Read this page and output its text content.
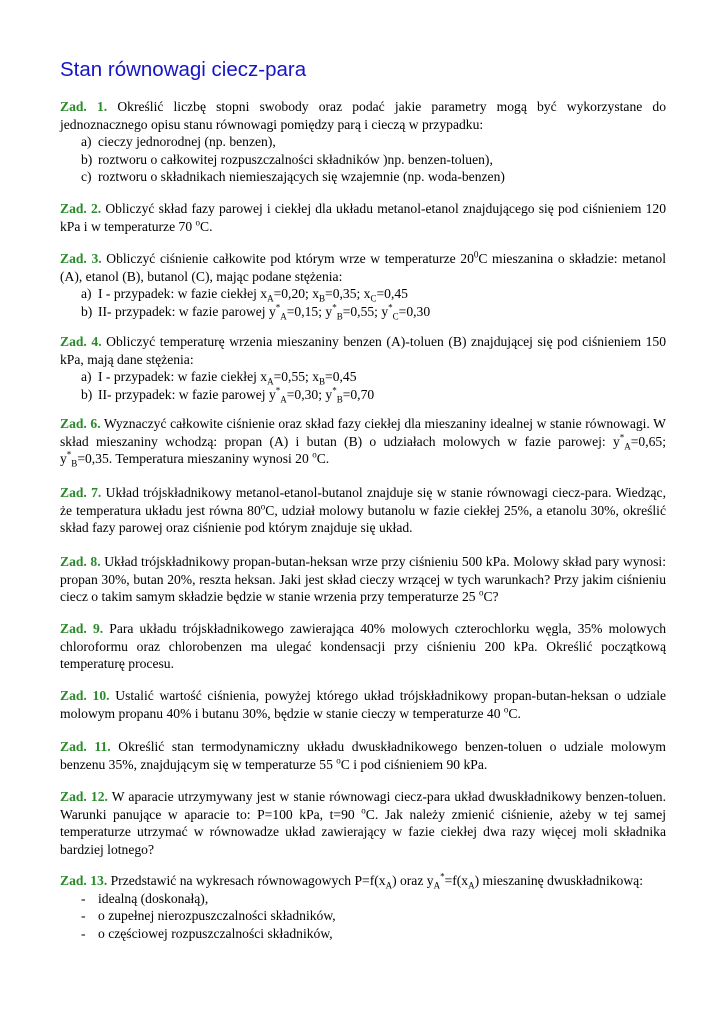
Stan równowagi ciecz-para

Zad. 1. Określić liczbę stopni swobody oraz podać jakie parametry mogą być wykorzystane do jednoznacznego opisu stanu równowagi pomiędzy parą i cieczą w przypadku:

a) cieczy jednorodnej (np. benzen),
b) roztworu o całkowitej rozpuszczalności składników )np. benzen-toluen),
c) roztworu o składnikach niemieszających się wzajemnie (np. woda-benzen)

Zad. 2. Obliczyć skład fazy parowej i ciekłej dla układu metanol-etanol znajdującego się pod ciśnieniem 120 kPa i w temperaturze 70 $^o$C.

Zad. 3. Obliczyć ciśnienie całkowite pod którym wrze w temperaturze $20^0C$ mieszanina o składzie: metanol (A), etanol (B), butanol (C), mając podane stężenia:

a) I - przypadek: w fazie ciekłej $x_A=0,20$; $x_B=0,35$; $x_C=0,45$
b) II- przypadek: w fazie parowej $y^*_A=0,15$; $y^*_B=0,55$; $y^*_C=0,30$

Zad. 4. Obliczyć temperaturę wrzenia mieszaniny benzen (A)-toluen (B) znajdującej się pod ciśnieniem 150 kPa, mają dane stężenia:

a) I - przypadek: w fazie ciekłej $x_A=0,55$; $x_B=0,45$
b) II- przypadek: w fazie parowej $y^*_A=0,30$; $y^*_B=0,70$

Zad. 6. Wyznaczyć całkowite ciśnienie oraz skład fazy ciekłej dla mieszaniny idealnej w stanie równowagi. W skład mieszaniny wchodzą: propan (A) i butan (B) o udziałach molowych w fazie parowej: $y^*_A=0,65$; $y^*_B=0,35$. Temperatura mieszaniny wynosi 20 $^o$C.

Zad. 7. Układ trójskładnikowy metanol-etanol-butanol znajduje się w stanie równowagi ciecz-para. Wiedząc, że temperatura układu jest równa 80$^o$C, udział molowy butanolu w fazie ciekłej 25%, a etanolu 30%, określić skład fazy parowej oraz ciśnienie pod którym znajduje się układ.

Zad. 8. Układ trójskładnikowy propan-butan-heksan wrze przy ciśnieniu 500 kPa. Molowy skład pary wynosi: propan 30%, butan 20%, reszta heksan. Jaki jest skład cieczy wrzącej w tych warunkach? Przy jakim ciśnieniu ciecz o takim samym składzie będzie w stanie wrzenia przy temperaturze 25 $^o$C?

Zad. 9. Para układu trójskładnikowego zawierająca 40% molowych czterochlorku węgla, 35% molowych chloroformu oraz chlorobenzen ma ulegać kondensacji przy ciśnieniu 200 kPa. Określić początkową temperaturę procesu.

Zad. 10. Ustalić wartość ciśnienia, powyżej którego układ trójskładnikowy propan-butan-heksan o udziale molowym propanu 40% i butanu 30%, będzie w stanie cieczy w temperaturze 40 $^o$C.

Zad. 11. Określić stan termodynamiczny układu dwuskładnikowego benzen-toluen o udziale molowym benzenu 35%, znajdującym się w temperaturze 55 $^o$C i pod ciśnieniem 90 kPa.

Zad. 12. W aparacie utrzymywany jest w stanie równowagi ciecz-para układ dwuskładnikowy benzen-toluen. Warunki panujące w aparacie to: P=100 kPa, t=90 $^o$C. Jak należy zmienić ciśnienie, ażeby w tej samej temperaturze utrzymać w równowadze układ zawierający w fazie ciekłej dwa razy więcej moli składnika bardziej lotnego?

Zad. 13. Przedstawić na wykresach równowagowych $P=f(x_A)$ oraz $y_A^*=f(x_A)$ mieszaninę dwuskładnikową:

- idealną (doskonałą),
- o zupełnej nierozpuszczalności składników,
- o częściowej rozpuszczalności składników,
